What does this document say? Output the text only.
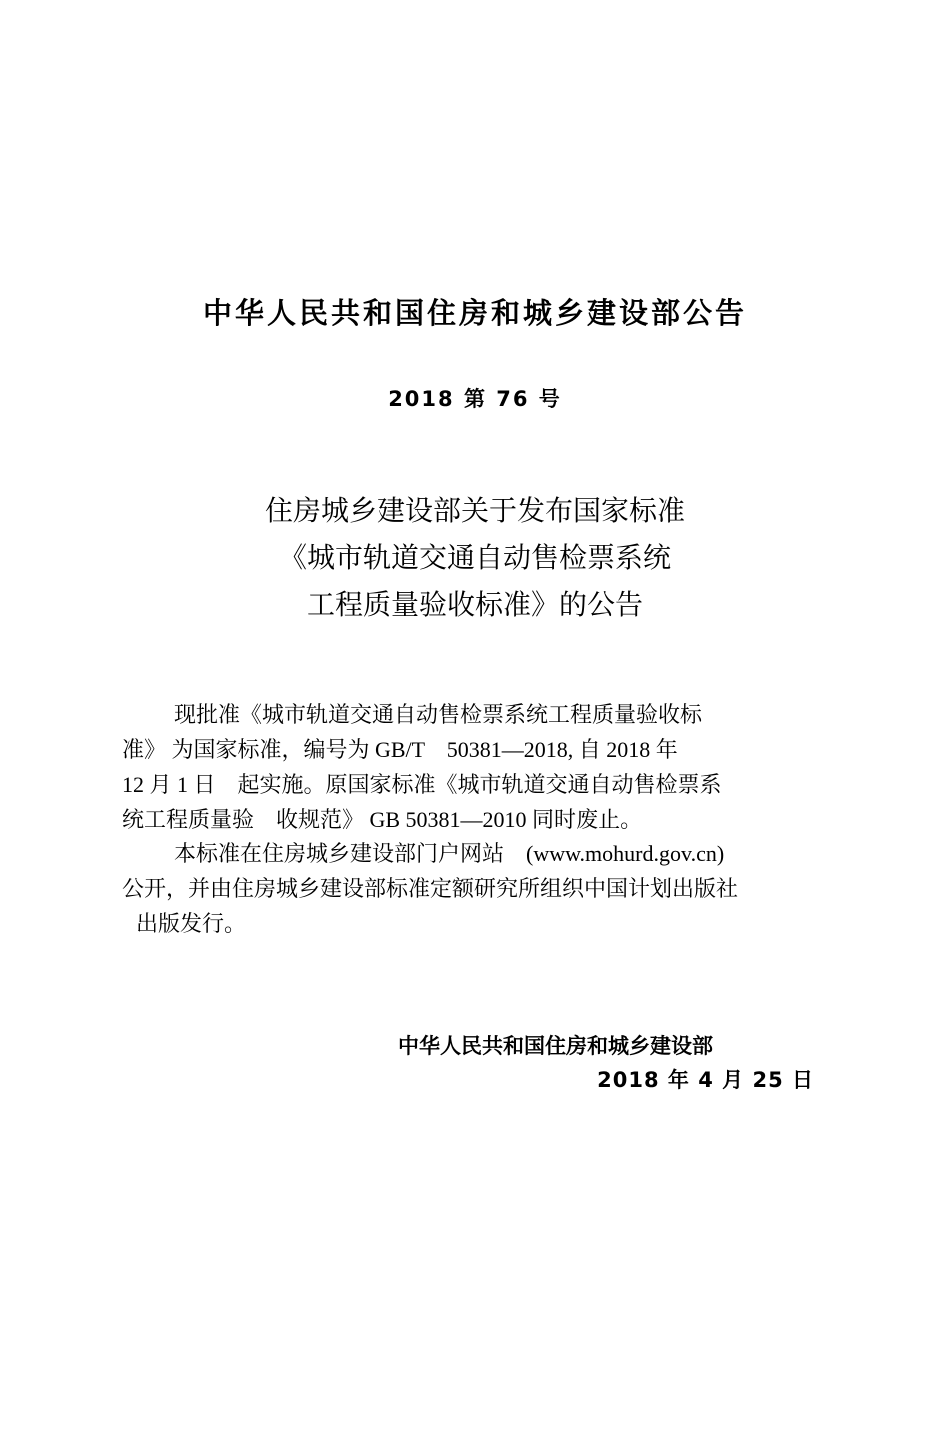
中华人民共和国住房和城乡建设部公告
2018 第 76 号
住房城乡建设部关于发布国家标准
《城市轨道交通自动售检票系统
工程质量验收标准》的公告
现批准《城市轨道交通自动售检票系统工程质量验收标
准》 为国家标准，编号为 GB/T　50381—2018, 自 2018 年
12 月 1 日　起实施。原国家标准《城市轨道交通自动售检票系
统工程质量验　收规范》 GB 50381—2010 同时废止。
本标准在住房城乡建设部门户网站　(www.mohurd.gov.cn)
公开，并由住房城乡建设部标准定额研究所组织中国计划出版社
出版发行。
中华人民共和国住房和城乡建设部
2018 年 4 月 25 日
